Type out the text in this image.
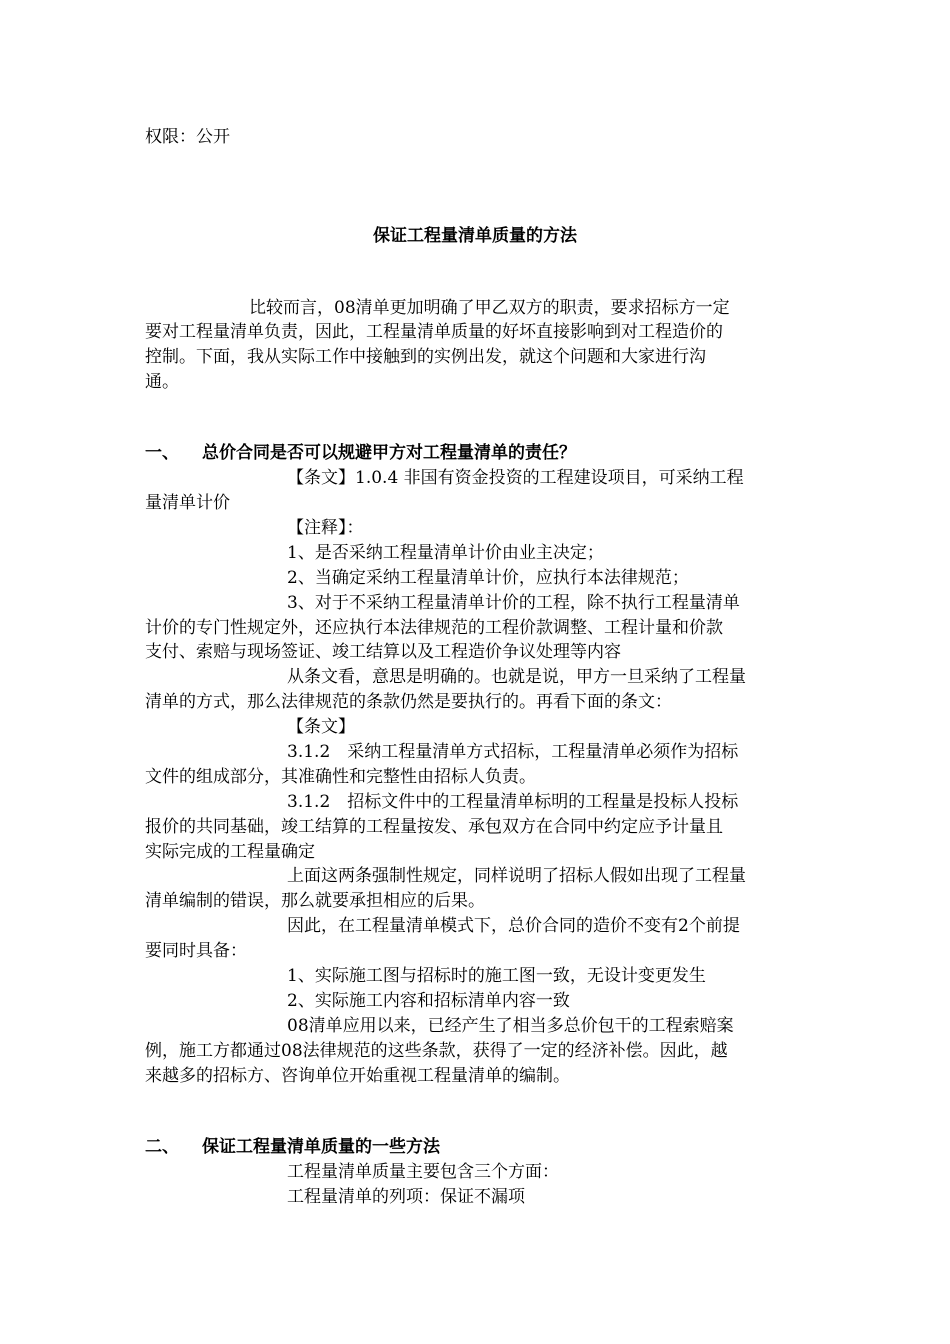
权限：公开
保证工程量清单质量的方法
比较而言，08清单更加明确了甲乙双方的职责，要求招标方一定
要对工程量清单负责，因此，工程量清单质量的好坏直接影响到对工程造价的
控制。下面，我从实际工作中接触到的实例出发，就这个问题和大家进行沟
通。
一、 总价合同是否可以规避甲方对工程量清单的责任？
【条文】1.0.4 非国有资金投资的工程建设项目，可采纳工程
量清单计价
【注释】：
1、是否采纳工程量清单计价由业主决定；
2、当确定采纳工程量清单计价，应执行本法律规范；
3、对于不采纳工程量清单计价的工程，除不执行工程量清单
计价的专门性规定外，还应执行本法律规范的工程价款调整、工程计量和价款
支付、索赔与现场签证、竣工结算以及工程造价争议处理等内容
从条文看，意思是明确的。也就是说，甲方一旦采纳了工程量
清单的方式，那么法律规范的条款仍然是要执行的。再看下面的条文：
【条文】
3.1.2　采纳工程量清单方式招标，工程量清单必须作为招标
文件的组成部分，其准确性和完整性由招标人负责。
3.1.2　招标文件中的工程量清单标明的工程量是投标人投标
报价的共同基础，竣工结算的工程量按发、承包双方在合同中约定应予计量且
实际完成的工程量确定
上面这两条强制性规定，同样说明了招标人假如出现了工程量
清单编制的错误，那么就要承担相应的后果。
因此，在工程量清单模式下，总价合同的造价不变有2个前提
要同时具备：
1、实际施工图与招标时的施工图一致，无设计变更发生
2、实际施工内容和招标清单内容一致
08清单应用以来，已经产生了相当多总价包干的工程索赔案
例，施工方都通过08法律规范的这些条款，获得了一定的经济补偿。因此，越
来越多的招标方、咨询单位开始重视工程量清单的编制。
二、 保证工程量清单质量的一些方法
工程量清单质量主要包含三个方面：
工程量清单的列项：保证不漏项
